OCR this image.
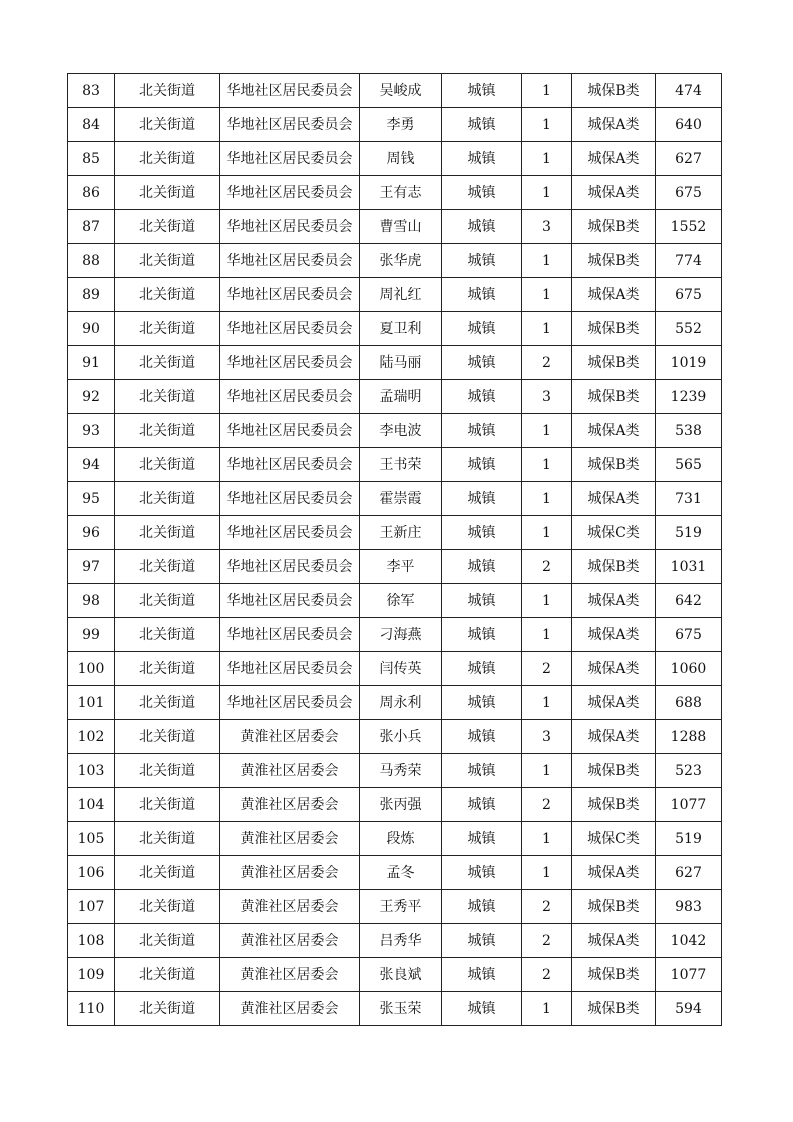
83	北关街道	华地社区居民委员会	吴峻成	城镇	1	城保B类	474
84	北关街道	华地社区居民委员会	李勇	城镇	1	城保A类	640
85	北关街道	华地社区居民委员会	周钱	城镇	1	城保A类	627
86	北关街道	华地社区居民委员会	王有志	城镇	1	城保A类	675
87	北关街道	华地社区居民委员会	曹雪山	城镇	3	城保B类	1552
88	北关街道	华地社区居民委员会	张华虎	城镇	1	城保B类	774
89	北关街道	华地社区居民委员会	周礼红	城镇	1	城保A类	675
90	北关街道	华地社区居民委员会	夏卫利	城镇	1	城保B类	552
91	北关街道	华地社区居民委员会	陆马丽	城镇	2	城保B类	1019
92	北关街道	华地社区居民委员会	孟瑞明	城镇	3	城保B类	1239
93	北关街道	华地社区居民委员会	李电波	城镇	1	城保A类	538
94	北关街道	华地社区居民委员会	王书荣	城镇	1	城保B类	565
95	北关街道	华地社区居民委员会	霍崇霞	城镇	1	城保A类	731
96	北关街道	华地社区居民委员会	王新庄	城镇	1	城保C类	519
97	北关街道	华地社区居民委员会	李平	城镇	2	城保B类	1031
98	北关街道	华地社区居民委员会	徐军	城镇	1	城保A类	642
99	北关街道	华地社区居民委员会	刁海燕	城镇	1	城保A类	675
100	北关街道	华地社区居民委员会	闫传英	城镇	2	城保A类	1060
101	北关街道	华地社区居民委员会	周永利	城镇	1	城保A类	688
102	北关街道	黄淮社区居委会	张小兵	城镇	3	城保A类	1288
103	北关街道	黄淮社区居委会	马秀荣	城镇	1	城保B类	523
104	北关街道	黄淮社区居委会	张丙强	城镇	2	城保B类	1077
105	北关街道	黄淮社区居委会	段炼	城镇	1	城保C类	519
106	北关街道	黄淮社区居委会	孟冬	城镇	1	城保A类	627
107	北关街道	黄淮社区居委会	王秀平	城镇	2	城保B类	983
108	北关街道	黄淮社区居委会	吕秀华	城镇	2	城保A类	1042
109	北关街道	黄淮社区居委会	张良斌	城镇	2	城保B类	1077
110	北关街道	黄淮社区居委会	张玉荣	城镇	1	城保B类	594
